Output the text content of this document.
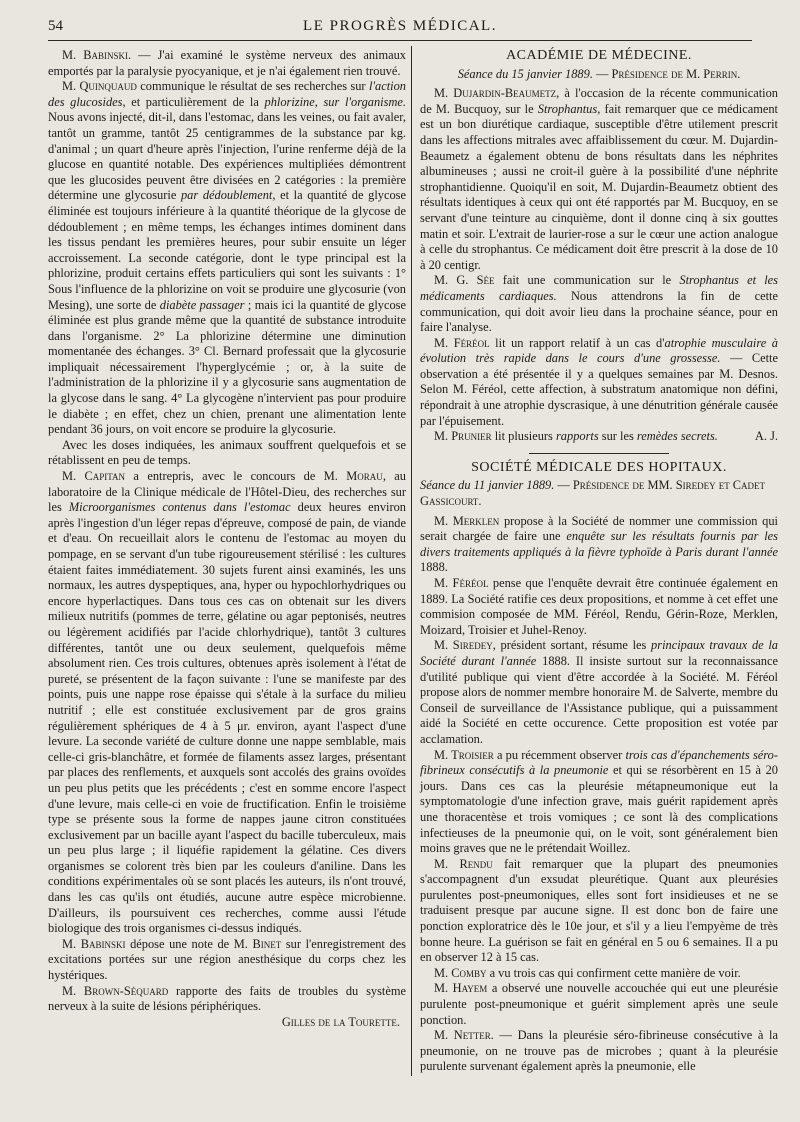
54	LE PROGRÈS MÉDICAL.

M. Babinski. — J'ai examiné le système nerveux des animaux emportés par la paralysie pyocyanique, et je n'ai également rien trouvé.

M. Quinquaud communique le résultat de ses recherches sur l'action des glucosides, et particulièrement de la phlorizine, sur l'organisme. Nous avons injecté, dit-il, dans l'estomac, dans les veines, ou fait avaler, tantôt un gramme, tantôt 25 centigrammes de la substance par kg. d'animal ; un quart d'heure après l'injection, l'urine renferme déjà de la glucose en quantité notable. Des expériences multipliées démontrent que les glucosides peuvent être divisées en 2 catégories : la première détermine une glycosurie par dédoublement, et la quantité de glycose éliminée est toujours inférieure à la quantité théorique de la glycose de dédoublement ; en même temps, les échanges intimes dominent dans les tissus pendant les premières heures, pour subir ensuite un léger accroissement. La seconde catégorie, dont le type principal est la phlorizine, produit certains effets particuliers qui sont les suivants : 1° Sous l'influence de la phlorizine on voit se produire une glycosurie (von Mesing), une sorte de diabète passager ; mais ici la quantité de glycose éliminée est plus grande même que la quantité de substance introduite dans l'organisme. 2° La phlorizine détermine une diminution momentanée des échanges. 3° Cl. Bernard professait que la glycosurie impliquait nécessairement l'hyperglycémie ; or, à la suite de l'administration de la phlorizine il y a glycosurie sans augmentation de la glycose dans le sang. 4° La glycogène n'intervient pas pour produire le diabète ; en effet, chez un chien, prenant une alimentation lente pendant 36 jours, on voit encore se produire la glycosurie.

Avec les doses indiquées, les animaux souffrent quelquefois et se rétablissent en peu de temps.

M. Capitan a entrepris, avec le concours de M. Morau, au laboratoire de la Clinique médicale de l'Hôtel-Dieu, des recherches sur les Microorganismes contenus dans l'estomac deux heures environ après l'ingestion d'un léger repas d'épreuve, composé de pain, de viande et d'eau. On recueillait alors le contenu de l'estomac au moyen du pompage, en se servant d'un tube rigoureusement stérilisé : les cultures étaient faites immédiatement. 30 sujets furent ainsi examinés, les uns normaux, les autres dyspeptiques, ana, hyper ou hypochlorhydriques ou encore hyperlactiques. Dans tous ces cas on obtenait sur les divers milieux nutritifs (pommes de terre, gélatine ou agar peptonisés, neutres ou légèrement acidifiés par l'acide chlorhydrique), tantôt 3 cultures différentes, tantôt une ou deux seulement, quelquefois même absolument rien. Ces trois cultures, obtenues après isolement à l'état de pureté, se présentent de la façon suivante : l'une se manifeste par des points, puis une nappe rose épaisse qui s'étale à la surface du milieu nutritif ; elle est constituée exclusivement par de gros grains régulièrement sphériques de 4 à 5 μr. environ, ayant l'aspect d'une levure. La seconde variété de culture donne une nappe semblable, mais celle-ci gris-blanchâtre, et formée de filaments assez larges, présentant par places des renflements, et auxquels sont accolés des grains ovoïdes un peu plus petits que les précédents ; c'est en somme encore l'aspect d'une levure, mais celle-ci en voie de fructification. Enfin le troisième type se présente sous la forme de nappes jaune citron constituées exclusivement par un bacille ayant l'aspect du bacille tuberculeux, mais un peu plus large ; il liquéfie rapidement la gélatine. Ces divers organismes se colorent très bien par les couleurs d'aniline. Dans les conditions expérimentales où se sont placés les auteurs, ils n'ont trouvé, dans les cas qu'ils ont étudiés, aucune autre espèce microbienne. D'ailleurs, ils poursuivent ces recherches, comme aussi l'étude biologique des trois organismes ci-dessus indiqués.

M. Babinski dépose une note de M. Binet sur l'enregistrement des excitations portées sur une région anesthésique du corps chez les hystériques.

M. Brown-Séquard rapporte des faits de troubles du système nerveux à la suite de lésions périphériques.

Gilles de la Tourette.

ACADÉMIE DE MÉDECINE.

Séance du 15 janvier 1889. — Présidence de M. Perrin.

M. Dujardin-Beaumetz, à l'occasion de la récente communication de M. Bucquoy, sur le Strophantus, fait remarquer que ce médicament est un bon diurétique cardiaque, susceptible d'être utilement prescrit dans les affections mitrales avec affaiblissement du cœur. M. Dujardin-Beaumetz a également obtenu de bons résultats dans les néphrites albumineuses ; aussi ne croit-il guère à la possibilité d'une néphrite strophantidienne. Quoiqu'il en soit, M. Dujardin-Beaumetz obtient des résultats identiques à ceux qui ont été rapportés par M. Bucquoy, en se servant d'une teinture au cinquième, dont il donne cinq à six gouttes matin et soir. L'extrait de laurier-rose a sur le cœur une action analogue à celle du strophantus. Ce médicament doit être prescrit à la dose de 10 à 20 centigr.

M. G. Sée fait une communication sur le Strophantus et les médicaments cardiaques. Nous attendrons la fin de cette communication, qui doit avoir lieu dans la prochaine séance, pour en faire l'analyse.

M. Féréol lit un rapport relatif à un cas d'atrophie musculaire à évolution très rapide dans le cours d'une grossesse. — Cette observation a été présentée il y a quelques semaines par M. Desnos. Selon M. Féréol, cette affection, à substratum anatomique non défini, répondrait à une atrophie dyscrasique, à une dénutrition générale causée par l'épuisement.

M. Prunier lit plusieurs rapports sur les remèdes secrets.	A. J.

SOCIÉTÉ MÉDICALE DES HOPITAUX.

Séance du 11 janvier 1889. — Présidence de MM. Siredey et Cadet Gassicourt.

M. Merklen propose à la Société de nommer une commission qui serait chargée de faire une enquête sur les résultats fournis par les divers traitements appliqués à la fièvre typhoïde à Paris durant l'année 1888.

M. Féréol pense que l'enquête devrait être continuée également en 1889. La Société ratifie ces deux propositions, et nomme à cet effet une commision composée de MM. Féréol, Rendu, Gérin-Roze, Merklen, Moizard, Troisier et Juhel-Renoy.

M. Siredey, président sortant, résume les principaux travaux de la Société durant l'année 1888. Il insiste surtout sur la reconnaissance d'utilité publique qui vient d'être accordée à la Société. M. Féréol propose alors de nommer membre honoraire M. de Salverte, membre du Conseil de surveillance de l'Assistance publique, qui a puissamment aidé la Société en cette occurence. Cette proposition est votée par acclamation.

M. Troisier a pu récemment observer trois cas d'épanchements séro-fibrineux consécutifs à la pneumonie et qui se résorbèrent en 15 à 20 jours. Dans ces cas la pleurésie métapneumonique eut la symptomatologie d'une infection grave, mais guérit rapidement après une thoracentèse et trois vomiques ; ce sont là des complications infectieuses de la pneumonie qui, on le voit, sont généralement bien moins graves que ne le prétendait Woillez.

M. Rendu fait remarquer que la plupart des pneumonies s'accompagnent d'un exsudat pleurétique. Quant aux pleurésies purulentes post-pneumoniques, elles sont fort insidieuses et ne se traduisent presque par aucune signe. Il est donc bon de faire une ponction exploratrice dès le 10e jour, et s'il y a lieu l'empyème de très bonne heure. La guérison se fait en général en 5 ou 6 semaines. Il a pu en observer 12 à 15 cas.

M. Comby a vu trois cas qui confirment cette manière de voir.

M. Hayem a observé une nouvelle accouchée qui eut une pleurésie purulente post-pneumonique et guérit simplement après une seule ponction.

M. Netter. — Dans la pleurésie séro-fibrineuse consécutive à la pneumonie, on ne trouve pas de microbes ; quant à la pleurésie purulente survenant également après la pneumonie, elle
